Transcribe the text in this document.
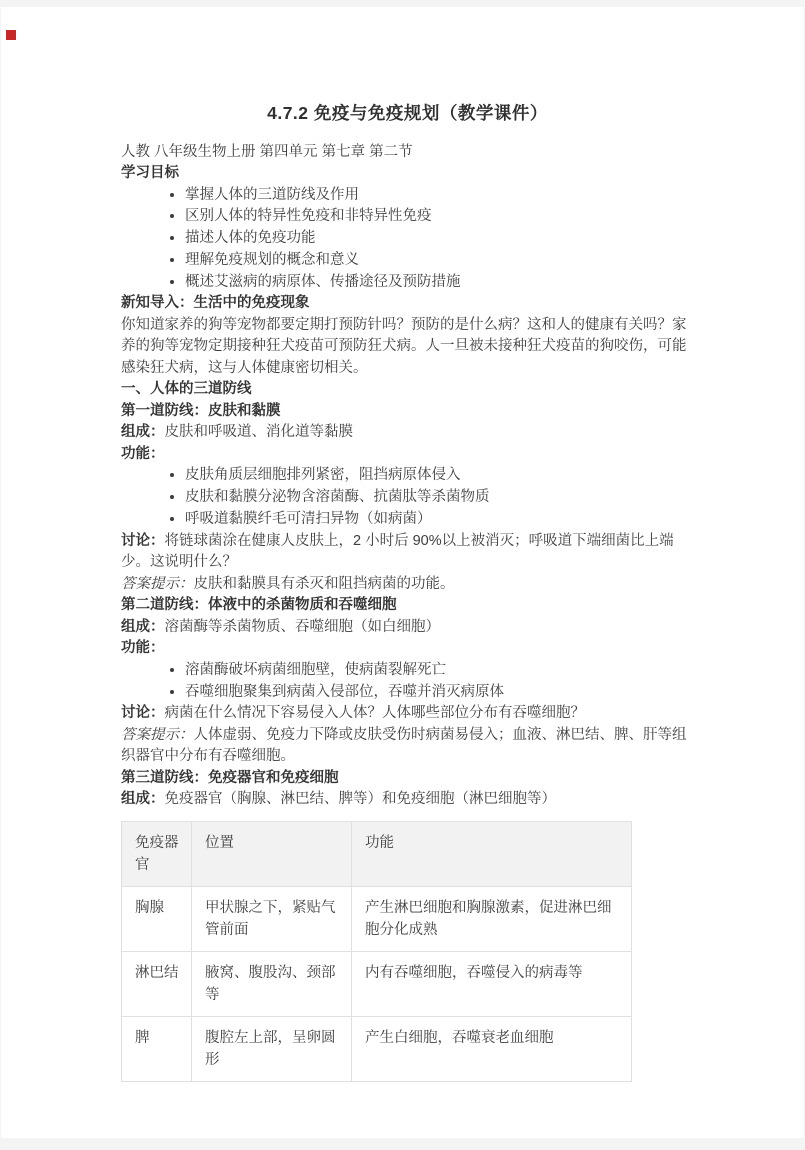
4.7.2 免疫与免疫规划（教学课件）

人教 八年级生物上册 第四单元 第七章 第二节

学习目标

• 掌握人体的三道防线及作用
• 区别人体的特异性免疫和非特异性免疫
• 描述人体的免疫功能
• 理解免疫规划的概念和意义
• 概述艾滋病的病原体、传播途径及预防措施

新知导入：生活中的免疫现象

你知道家养的狗等宠物都要定期打预防针吗？预防的是什么病？这和人的健康有关吗？家养的狗等宠物定期接种狂犬疫苗可预防狂犬病。人一旦被未接种狂犬疫苗的狗咬伤，可能感染狂犬病，这与人体健康密切相关。

一、人体的三道防线

第一道防线：皮肤和黏膜

组成：皮肤和呼吸道、消化道等黏膜

功能：

• 皮肤角质层细胞排列紧密，阻挡病原体侵入
• 皮肤和黏膜分泌物含溶菌酶、抗菌肽等杀菌物质
• 呼吸道黏膜纤毛可清扫异物（如病菌）

讨论：将链球菌涂在健康人皮肤上，2 小时后 90%以上被消灭；呼吸道下端细菌比上端少。这说明什么？

答案提示：皮肤和黏膜具有杀灭和阻挡病菌的功能。

第二道防线：体液中的杀菌物质和吞噬细胞

组成：溶菌酶等杀菌物质、吞噬细胞（如白细胞）

功能：

• 溶菌酶破坏病菌细胞壁，使病菌裂解死亡
• 吞噬细胞聚集到病菌入侵部位，吞噬并消灭病原体

讨论：病菌在什么情况下容易侵入人体？人体哪些部位分布有吞噬细胞？

答案提示：人体虚弱、免疫力下降或皮肤受伤时病菌易侵入；血液、淋巴结、脾、肝等组织器官中分布有吞噬细胞。

第三道防线：免疫器官和免疫细胞

组成：免疫器官（胸腺、淋巴结、脾等）和免疫细胞（淋巴细胞等）

免疫器官	位置	功能
胸腺	甲状腺之下，紧贴气管前面	产生淋巴细胞和胸腺激素，促进淋巴细胞分化成熟
淋巴结	腋窝、腹股沟、颈部等	内有吞噬细胞，吞噬侵入的病毒等
脾	腹腔左上部，呈卵圆形	产生白细胞，吞噬衰老血细胞
